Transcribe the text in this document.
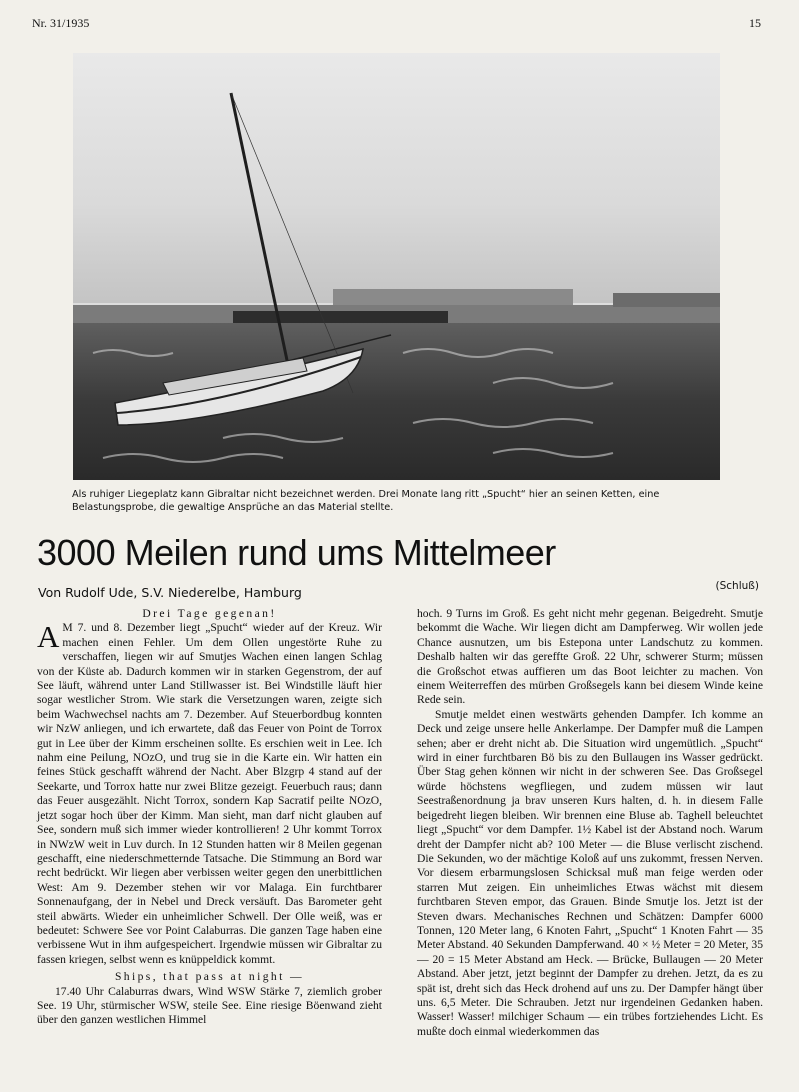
Nr. 31/1935	15
Als ruhiger Liegeplatz kann Gibraltar nicht bezeichnet werden. Drei Monate lang ritt „Spucht“ hier an seinen Ketten, eine Belastungsprobe, die gewaltige Ansprüche an das Material stellte.
3000 Meilen rund ums Mittelmeer
Von Rudolf Ude, S.V. Niederelbe, Hamburg	(Schluß)

Drei Tage gegenan!

A M 7. und 8. Dezember liegt „Spucht“ wieder auf der Kreuz. Wir machen einen Fehler. Um dem Ollen ungestörte Ruhe zu verschaffen, liegen wir auf Smutjes Wachen einen langen Schlag von der Küste ab. Dadurch kommen wir in starken Gegenstrom, der auf See läuft, während unter Land Stillwasser ist. Bei Windstille läuft hier sogar westlicher Strom. Wie stark die Versetzungen waren, zeigte sich beim Wachwechsel nachts am 7. Dezember. Auf Steuerbordbug konnten wir NzW anliegen, und ich erwartete, daß das Feuer von Point de Torrox gut in Lee über der Kimm erscheinen sollte. Es erschien weit in Lee. Ich nahm eine Peilung, NOzO, und trug sie in die Karte ein. Wir hatten ein feines Stück geschafft während der Nacht. Aber Blzgrp 4 stand auf der Seekarte, und Torrox hatte nur zwei Blitze gezeigt. Feuerbuch raus; dann das Feuer ausgezählt. Nicht Torrox, sondern Kap Sacratif peilte NOzO, jetzt sogar hoch über der Kimm. Man sieht, man darf nicht glauben auf See, sondern muß sich immer wieder kontrollieren! 2 Uhr kommt Torrox in NWzW weit in Luv durch. In 12 Stunden hatten wir 8 Meilen gegenan geschafft, eine niederschmetternde Tatsache. Die Stimmung an Bord war recht bedrückt. Wir liegen aber verbissen weiter gegen den unerbittlichen West: Am 9. Dezember stehen wir vor Malaga. Ein furchtbarer Sonnenaufgang, der in Nebel und Dreck versäuft. Das Barometer geht steil abwärts. Wieder ein unheimlicher Schwell. Der Olle weiß, was er bedeutet: Schwere See vor Point Calaburras. Die ganzen Tage haben eine verbissene Wut in ihm aufgespeichert. Irgendwie müssen wir Gibraltar zu fassen kriegen, selbst wenn es knüppeldick kommt.

Ships, that pass at night —

17.40 Uhr Calaburras dwars, Wind WSW Stärke 7, ziemlich grober See. 19 Uhr, stürmischer WSW, steile See. Eine riesige Böenwand zieht über den ganzen westlichen Himmel

hoch. 9 Turns im Groß. Es geht nicht mehr gegenan. Beigedreht. Smutje bekommt die Wache. Wir liegen dicht am Dampferweg. Wir wollen jede Chance ausnutzen, um bis Estepona unter Landschutz zu kommen. Deshalb halten wir das gereffte Groß. 22 Uhr, schwerer Sturm; müssen die Großschot etwas auffieren um das Boot leichter zu machen. Von einem Weiterreffen des mürben Großsegels kann bei diesem Winde keine Rede sein.

Smutje meldet einen westwärts gehenden Dampfer. Ich komme an Deck und zeige unsere helle Ankerlampe. Der Dampfer muß die Lampen sehen; aber er dreht nicht ab. Die Situation wird ungemütlich. „Spucht“ wird in einer furchtbaren Bö bis zu den Bullaugen ins Wasser gedrückt. Über Stag gehen können wir nicht in der schweren See. Das Großsegel würde höchstens wegfliegen, und zudem müssen wir laut Seestraßenordnung ja brav unseren Kurs halten, d. h. in diesem Falle beigedreht liegen bleiben. Wir brennen eine Bluse ab. Taghell beleuchtet liegt „Spucht“ vor dem Dampfer. 1½ Kabel ist der Abstand noch. Warum dreht der Dampfer nicht ab? 100 Meter — die Bluse verlischt zischend. Die Sekunden, wo der mächtige Koloß auf uns zukommt, fressen Nerven. Vor diesem erbarmungslosen Schicksal muß man feige werden oder starren Mut zeigen. Ein unheimliches Etwas wächst mit diesem furchtbaren Steven empor, das Grauen. Binde Smutje los. Jetzt ist der Steven dwars. Mechanisches Rechnen und Schätzen: Dampfer 6000 Tonnen, 120 Meter lang, 6 Knoten Fahrt, „Spucht“ 1 Knoten Fahrt — 35 Meter Abstand. 40 Sekunden Dampferwand. 40 × ½ Meter = 20 Meter, 35 — 20 = 15 Meter Abstand am Heck. — Brücke, Bullaugen — 20 Meter Abstand. Aber jetzt, jetzt beginnt der Dampfer zu drehen. Jetzt, da es zu spät ist, dreht sich das Heck drohend auf uns zu. Der Dampfer hängt über uns. 6,5 Meter. Die Schrauben. Jetzt nur irgendeinen Gedanken haben. Wasser! Wasser! milchiger Schaum — ein trübes fortziehendes Licht. Es mußte doch einmal wiederkommen das
